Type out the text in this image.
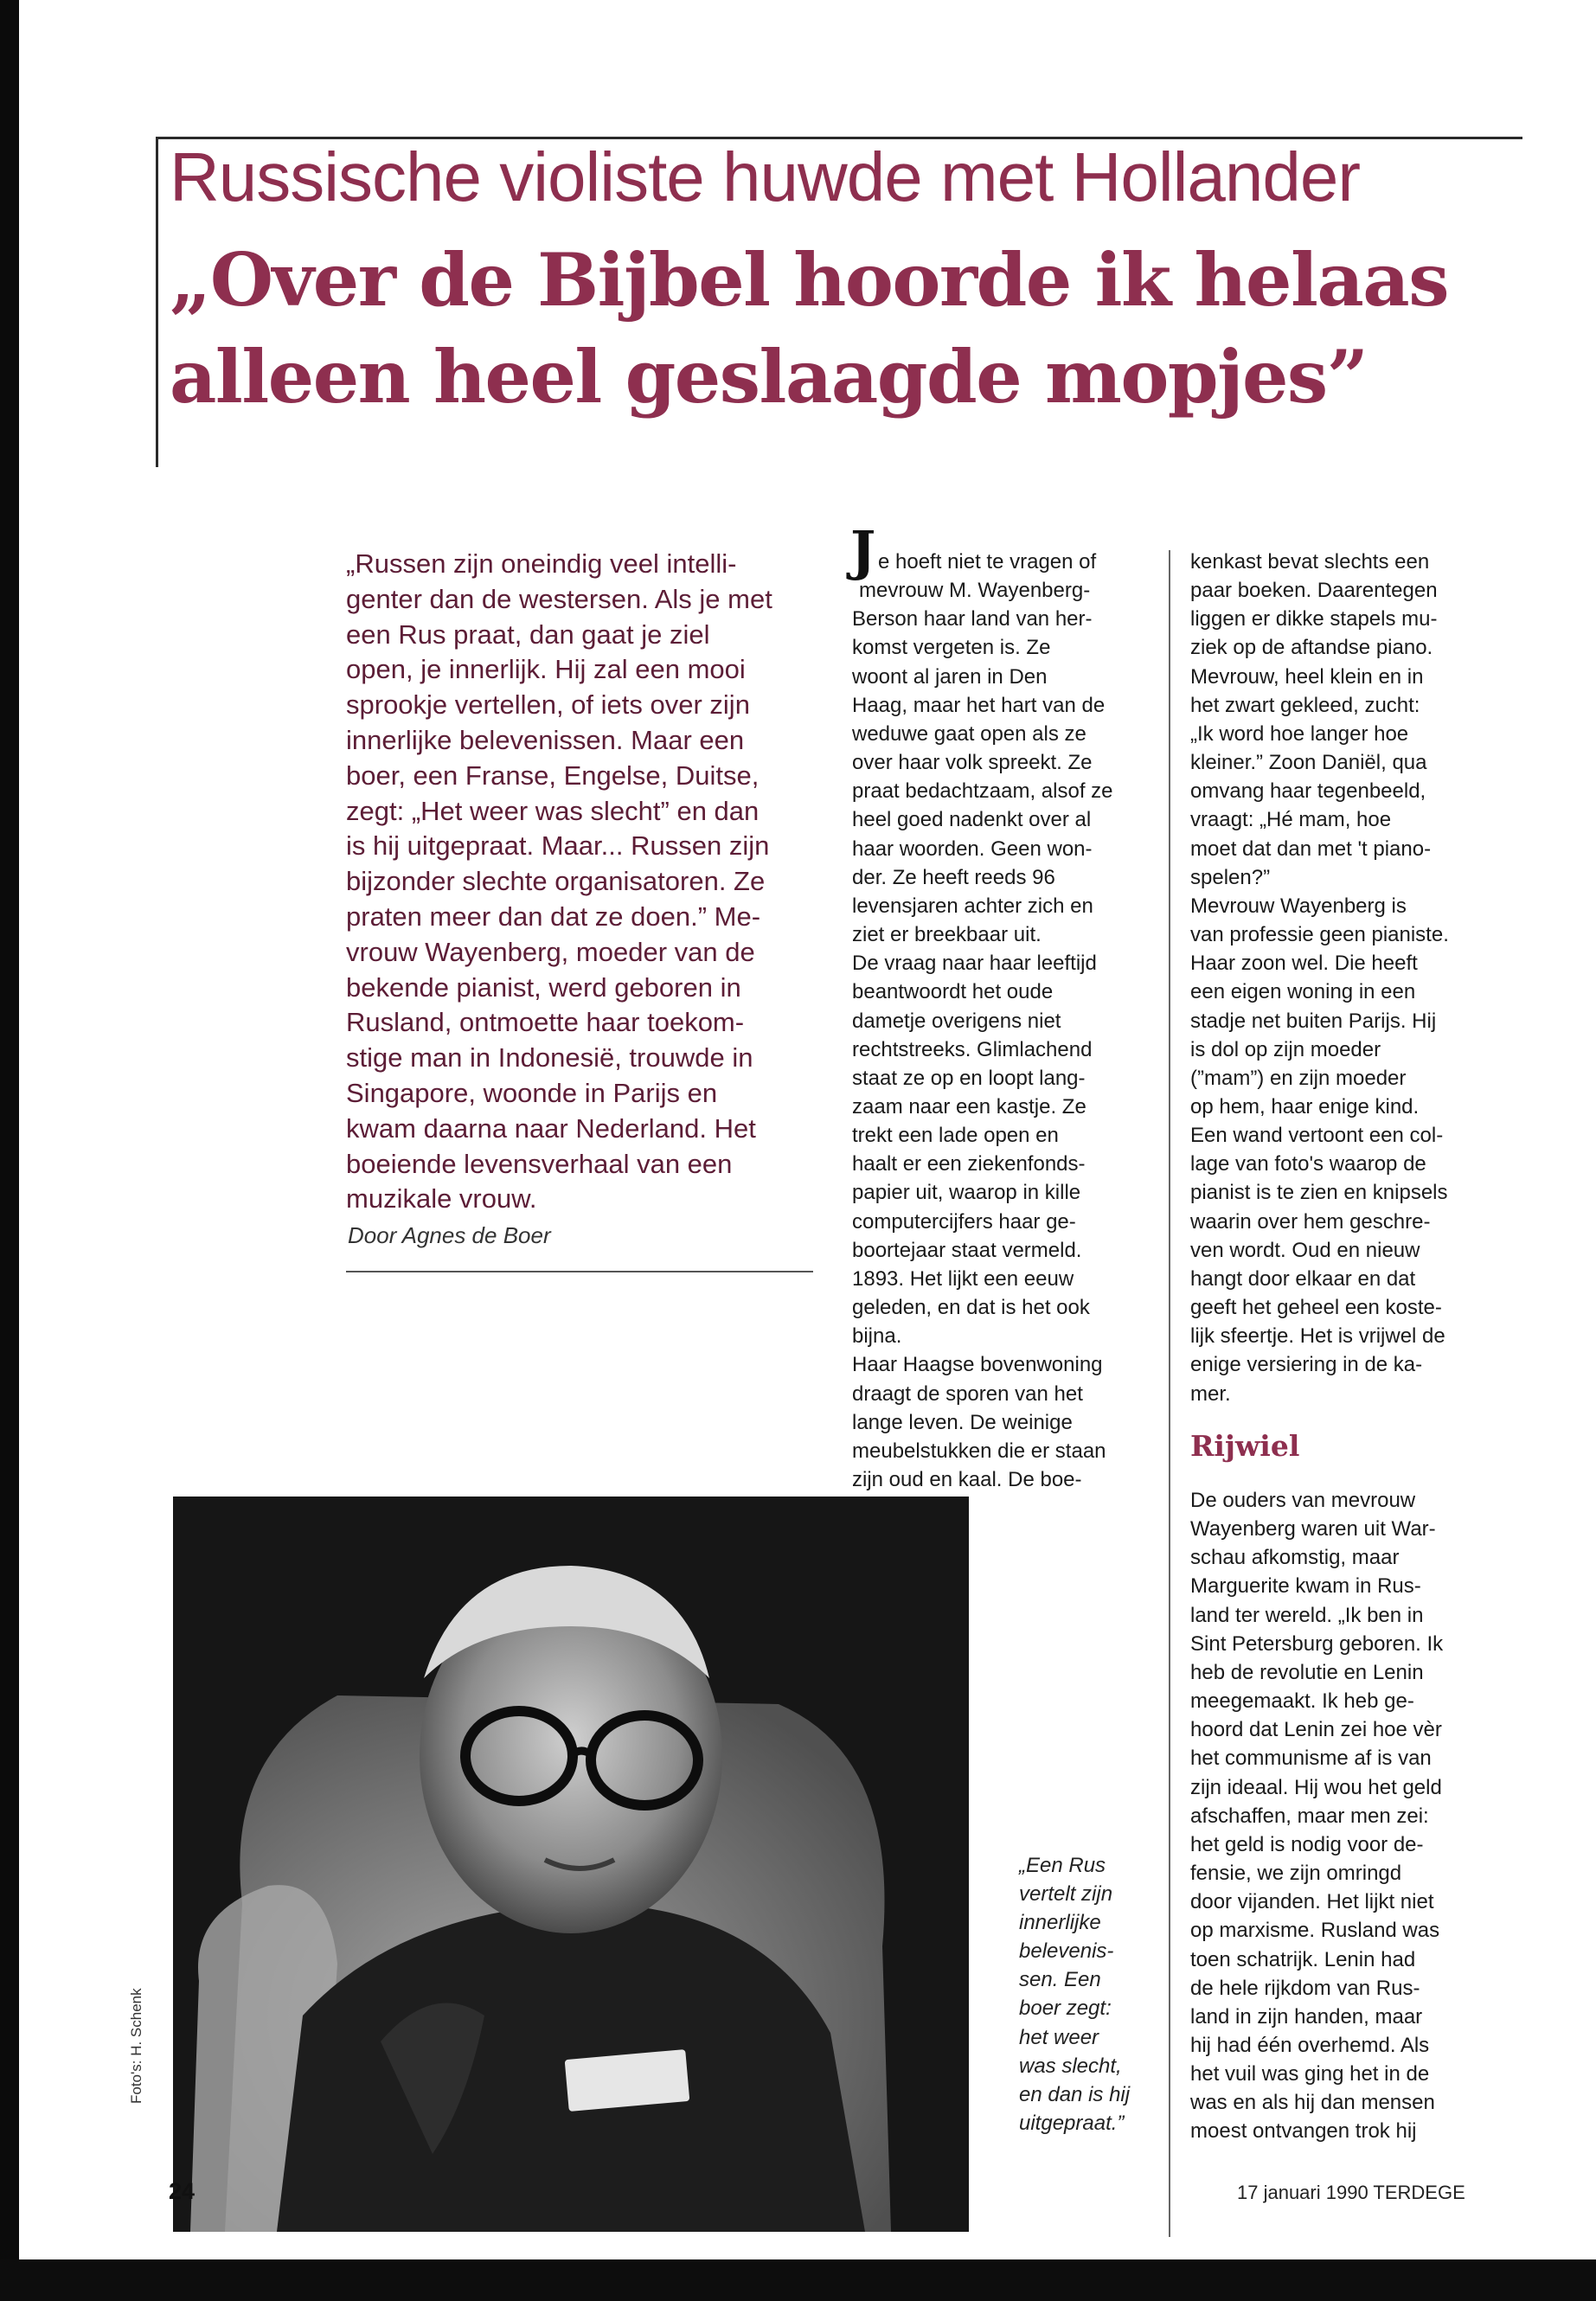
Russische violiste huwde met Hollander
„Over de Bijbel hoorde ik helaas
alleen heel geslaagde mopjes”
„Russen zijn oneindig veel intelli-
genter dan de westersen. Als je met
een Rus praat, dan gaat je ziel
open, je innerlijk. Hij zal een mooi
sprookje vertellen, of iets over zijn
innerlijke belevenissen. Maar een
boer, een Franse, Engelse, Duitse,
zegt: „Het weer was slecht” en dan
is hij uitgepraat. Maar... Russen zijn
bijzonder slechte organisatoren. Ze
praten meer dan dat ze doen.” Me-
vrouw Wayenberg, moeder van de
bekende pianist, werd geboren in
Rusland, ontmoette haar toekom-
stige man in Indonesië, trouwde in
Singapore, woonde in Parijs en
kwam daarna naar Nederland. Het
boeiende levensverhaal van een
muzikale vrouw.
Door Agnes de Boer
J e hoeft niet te vragen of
mevrouw M. Wayenberg-
Berson haar land van her-
komst vergeten is. Ze
woont al jaren in Den
Haag, maar het hart van de
weduwe gaat open als ze
over haar volk spreekt. Ze
praat bedachtzaam, alsof ze
heel goed nadenkt over al
haar woorden. Geen won-
der. Ze heeft reeds 96
levensjaren achter zich en
ziet er breekbaar uit.
De vraag naar haar leeftijd
beantwoordt het oude
dametje overigens niet
rechtstreeks. Glimlachend
staat ze op en loopt lang-
zaam naar een kastje. Ze
trekt een lade open en
haalt er een ziekenfonds-
papier uit, waarop in kille
computercijfers haar ge-
boortejaar staat vermeld.
1893. Het lijkt een eeuw
geleden, en dat is het ook
bijna.
Haar Haagse bovenwoning
draagt de sporen van het
lange leven. De weinige
meubelstukken die er staan
zijn oud en kaal. De boe-
kenkast bevat slechts een
paar boeken. Daarentegen
liggen er dikke stapels mu-
ziek op de aftandse piano.
Mevrouw, heel klein en in
het zwart gekleed, zucht:
„Ik word hoe langer hoe
kleiner.” Zoon Daniël, qua
omvang haar tegenbeeld,
vraagt: „Hé mam, hoe
moet dat dan met 't piano-
spelen?”
Mevrouw Wayenberg is
van professie geen pianiste.
Haar zoon wel. Die heeft
een eigen woning in een
stadje net buiten Parijs. Hij
is dol op zijn moeder
(”mam”) en zijn moeder
op hem, haar enige kind.
Een wand vertoont een col-
lage van foto's waarop de
pianist is te zien en knipsels
waarin over hem geschre-
ven wordt. Oud en nieuw
hangt door elkaar en dat
geeft het geheel een koste-
lijk sfeertje. Het is vrijwel de
enige versiering in de ka-
mer.
Rijwiel
De ouders van mevrouw
Wayenberg waren uit War-
schau afkomstig, maar
Marguerite kwam in Rus-
land ter wereld. „Ik ben in
Sint Petersburg geboren. Ik
heb de revolutie en Lenin
meegemaakt. Ik heb ge-
hoord dat Lenin zei hoe vèr
het communisme af is van
zijn ideaal. Hij wou het geld
afschaffen, maar men zei:
het geld is nodig voor de-
fensie, we zijn omringd
door vijanden. Het lijkt niet
op marxisme. Rusland was
toen schatrijk. Lenin had
de hele rijkdom van Rus-
land in zijn handen, maar
hij had één overhemd. Als
het vuil was ging het in de
was en als hij dan mensen
moest ontvangen trok hij
„Een Rus
vertelt zijn
innerlijke
belevenis-
sen. Een
boer zegt:
het weer
was slecht,
en dan is hij
uitgepraat.”
Foto's: H. Schenk
24	17 januari 1990 TERDEGE
